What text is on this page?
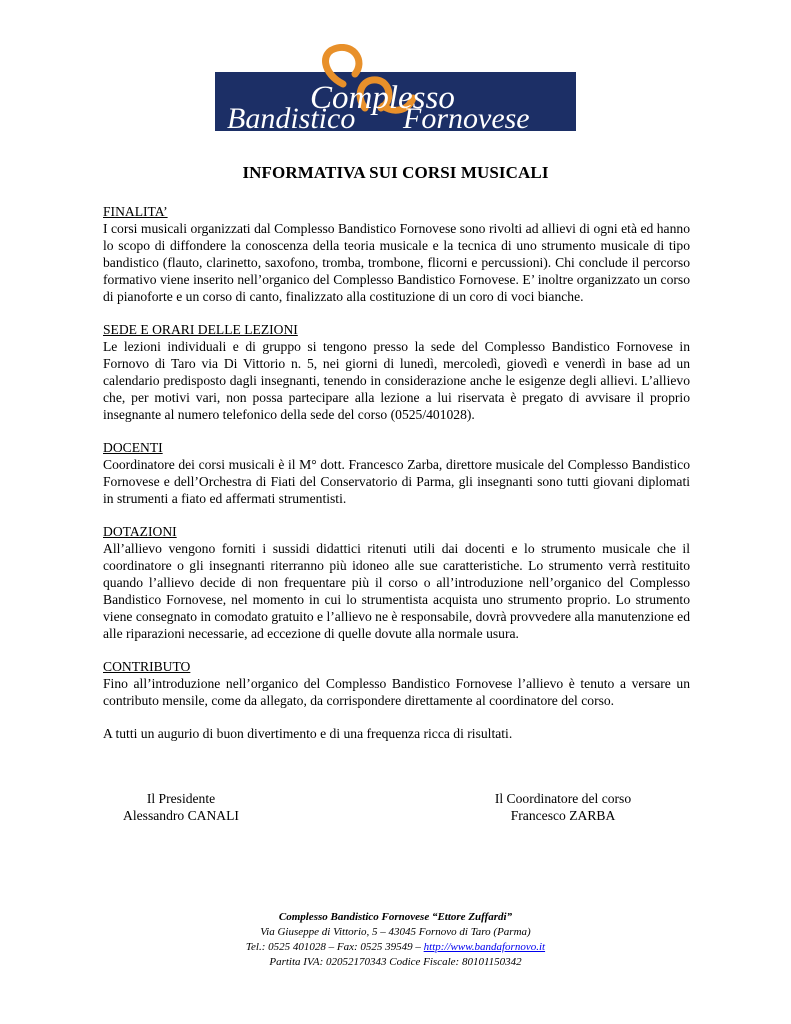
Complesso
Bandistico Fornovese
INFORMATIVA SUI CORSI MUSICALI
FINALITA’

I corsi musicali organizzati dal Complesso Bandistico Fornovese sono rivolti ad allievi di ogni età ed hanno lo scopo di diffondere la conoscenza della teoria musicale e la tecnica di uno strumento musicale di tipo bandistico (flauto, clarinetto, saxofono, tromba, trombone, flicorni e percussioni). Chi conclude il percorso formativo viene inserito nell’organico del Complesso Bandistico Fornovese. E’ inoltre organizzato un corso di pianoforte e un corso di canto, finalizzato alla costituzione di un coro di voci bianche.

SEDE E ORARI DELLE LEZIONI

Le lezioni individuali e di gruppo si tengono presso la sede del Complesso Bandistico Fornovese in Fornovo di Taro via Di Vittorio n. 5, nei giorni di lunedì, mercoledì, giovedì e venerdì in base ad un calendario predisposto dagli insegnanti, tenendo in considerazione anche le esigenze degli allievi. L’allievo che, per motivi vari, non possa partecipare alla lezione a lui riservata è pregato di avvisare il proprio insegnante al numero telefonico della sede del corso (0525/401028).

DOCENTI

Coordinatore dei corsi musicali è il M° dott. Francesco Zarba, direttore musicale del Complesso Bandistico Fornovese e dell’Orchestra di Fiati del Conservatorio di Parma, gli insegnanti sono tutti giovani diplomati in strumenti a fiato ed affermati strumentisti.

DOTAZIONI

All’allievo vengono forniti i sussidi didattici ritenuti utili dai docenti e lo strumento musicale che il coordinatore o gli insegnanti riterranno più idoneo alle sue caratteristiche. Lo strumento verrà restituito quando l’allievo decide di non frequentare più il corso o all’introduzione nell’organico del Complesso Bandistico Fornovese, nel momento in cui lo strumentista acquista uno strumento proprio. Lo strumento viene consegnato in comodato gratuito e l’allievo ne è responsabile, dovrà provvedere alla manutenzione ed alle riparazioni necessarie, ad eccezione di quelle dovute alla normale usura.

CONTRIBUTO

Fino all’introduzione nell’organico del Complesso Bandistico Fornovese l’allievo è tenuto a versare un contributo mensile, come da allegato, da corrispondere direttamente al coordinatore del corso.

A tutti un augurio di buon divertimento e di una frequenza ricca di risultati.
Il Presidente
Alessandro CANALI
Il Coordinatore del corso
Francesco ZARBA
Complesso Bandistico Fornovese “Ettore Zuffardi”
Via Giuseppe di Vittorio, 5 – 43045 Fornovo di Taro (Parma)
Tel.: 0525 401028 – Fax: 0525 39549 – http://www.bandafornovo.it
Partita IVA: 02052170343 Codice Fiscale: 80101150342
